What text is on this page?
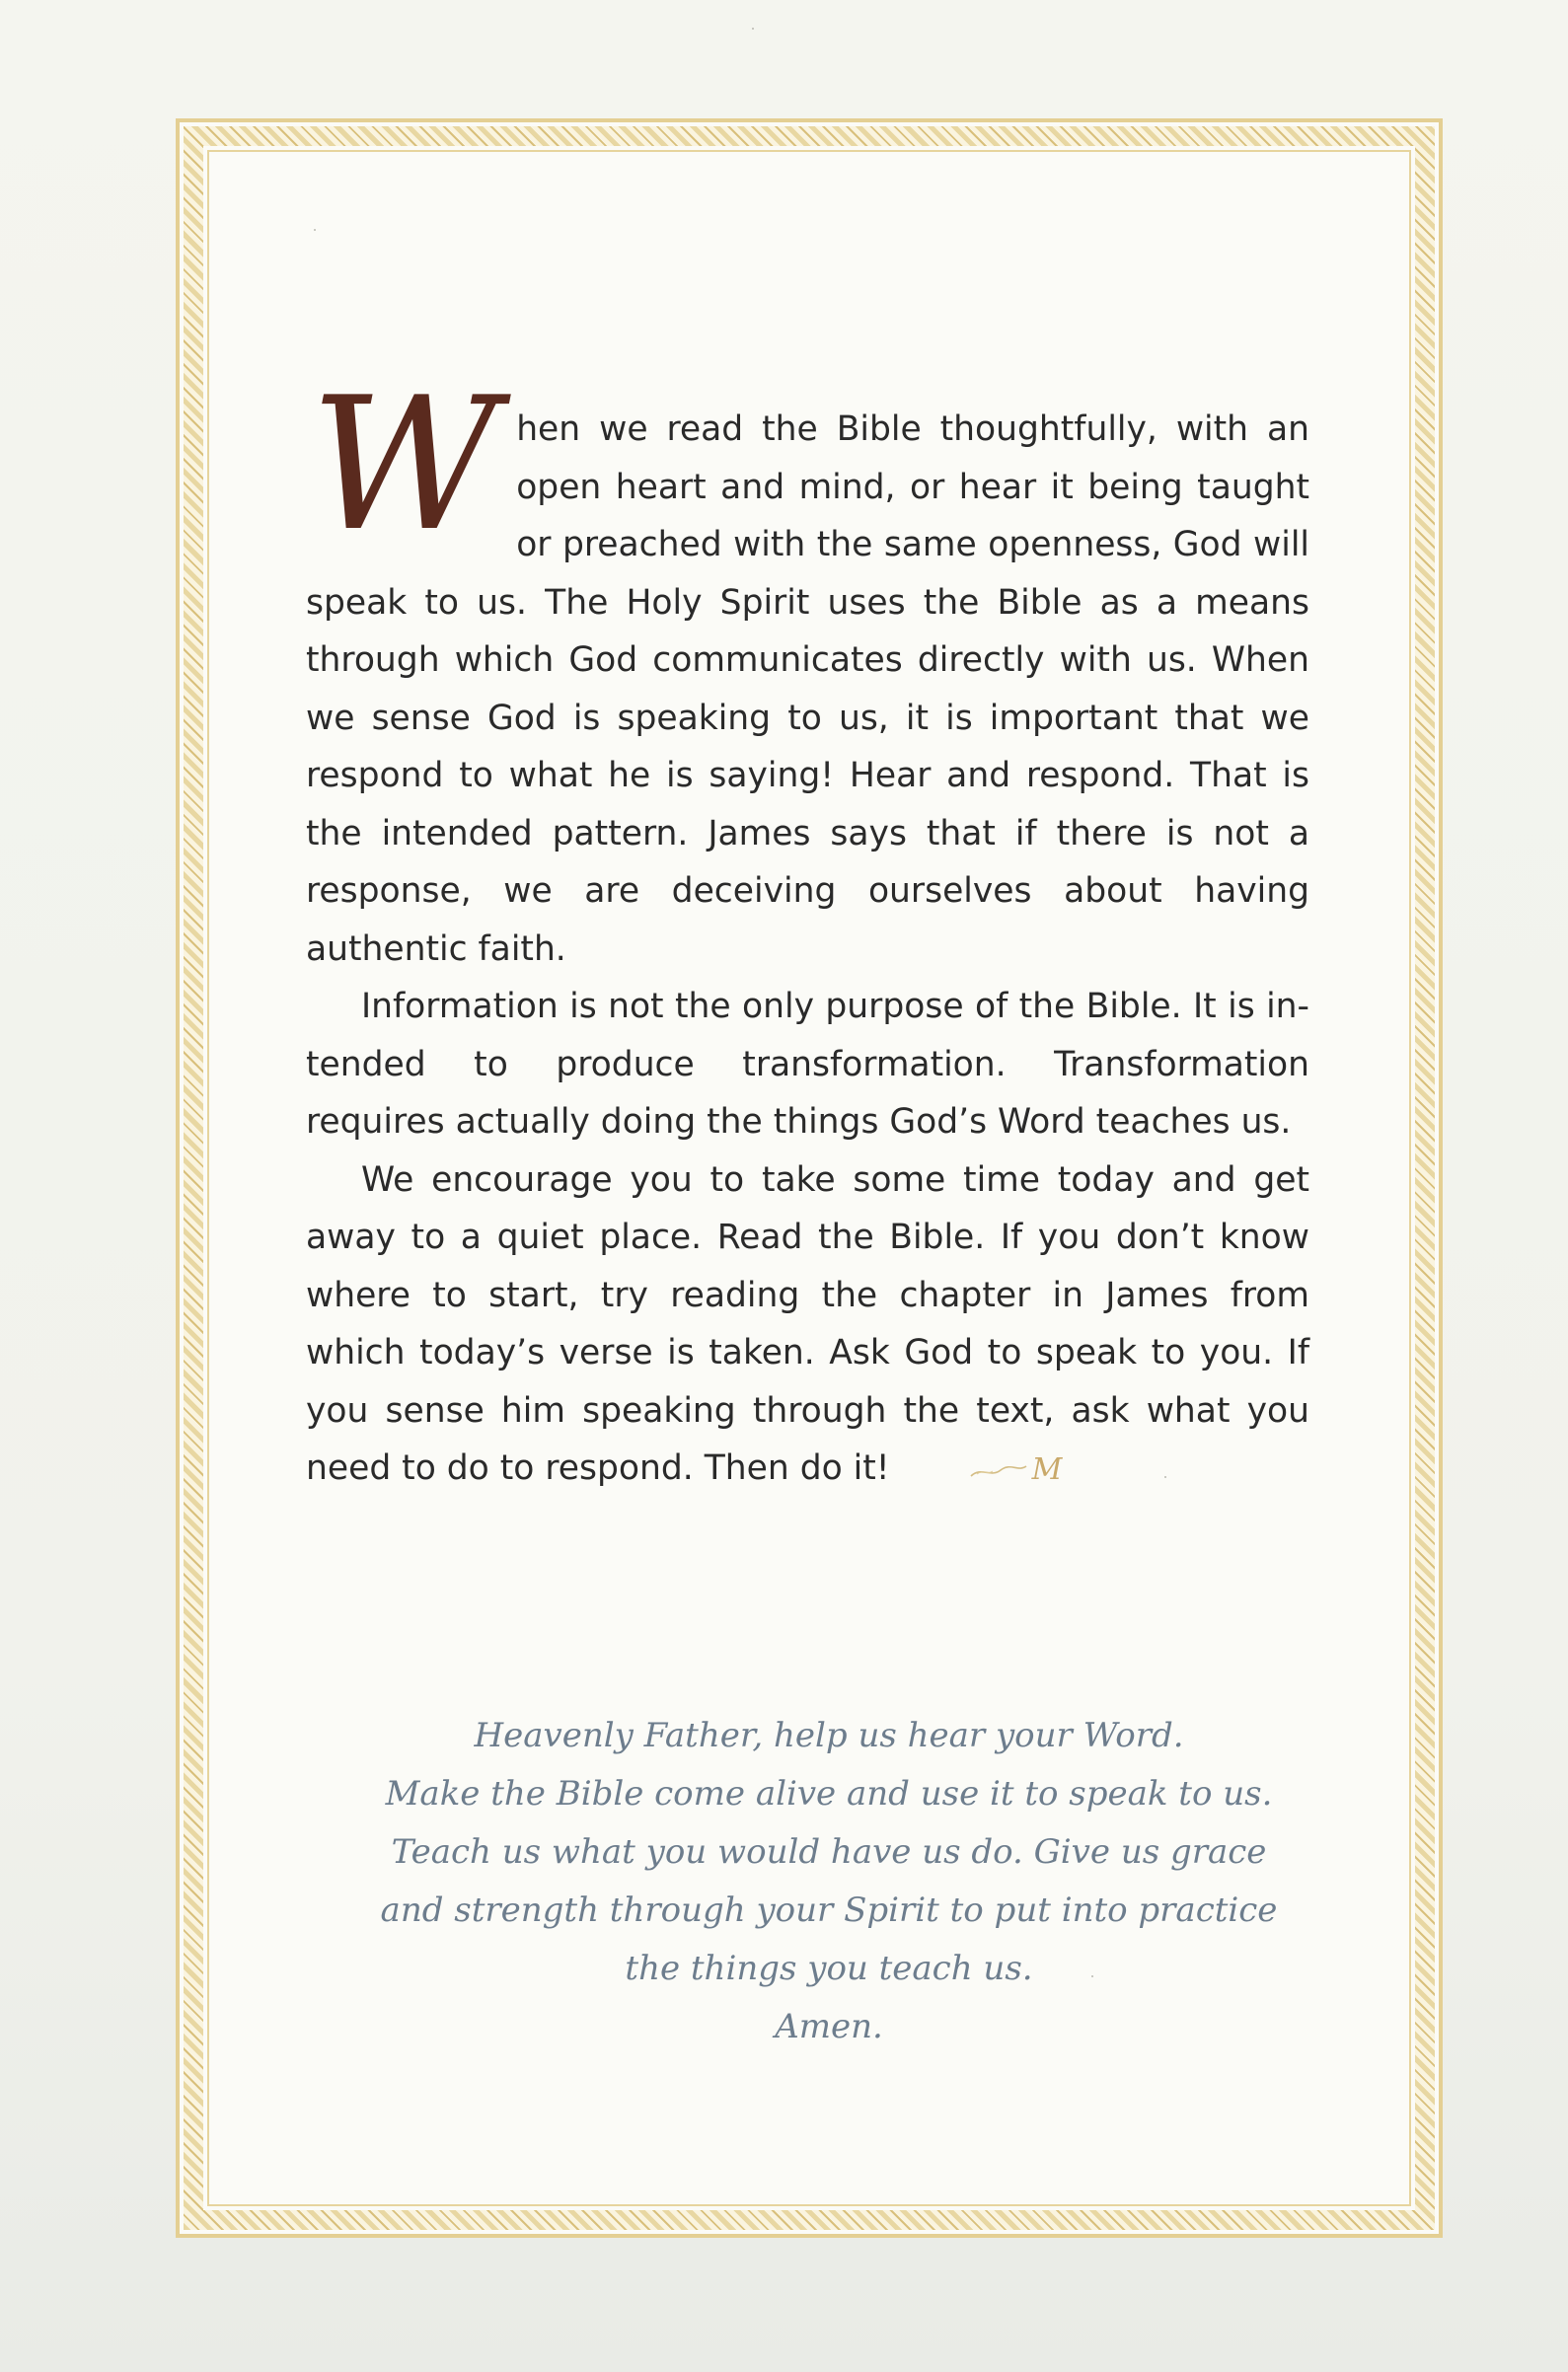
When we read the Bible thoughtfully, with an open heart and mind, or hear it being taught or preached with the same openness, God will speak to us. The Holy Spirit uses the Bible as a means through which God communicates directly with us. When we sense God is speaking to us, it is important that we respond to what he is saying! Hear and respond. That is the intended pattern. James says that if there is not a response, we are deceiving ourselves about having authentic faith.

Information is not the only purpose of the Bible. It is intended to produce transformation. Transformation requires actually doing the things God’s Word teaches us.

We encourage you to take some time today and get away to a quiet place. Read the Bible. If you don’t know where to start, try reading the chapter in James from which today’s verse is taken. Ask God to speak to you. If you sense him speaking through the text, ask what you need to do to respond. Then do it!	M

Heavenly Father, help us hear your Word.
Make the Bible come alive and use it to speak to us.
Teach us what you would have us do. Give us grace
and strength through your Spirit to put into practice
the things you teach us.
Amen.
